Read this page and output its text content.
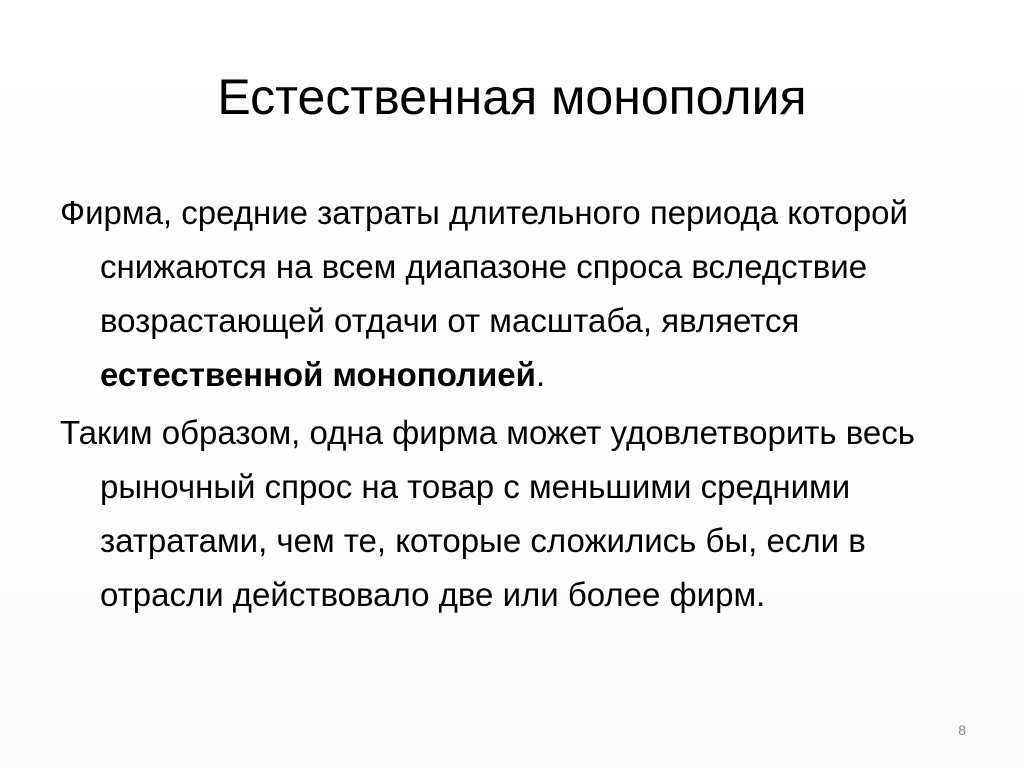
Естественная монополия

Фирма, средние затраты длительного периода которой снижаются на всем диапазоне спроса вследствие возрастающей отдачи от масштаба, является естественной монополией.

Таким образом, одна фирма может удовлетворить весь рыночный спрос на товар с меньшими средними затратами, чем те, которые сложились бы, если в отрасли действовало две или более фирм.

8
